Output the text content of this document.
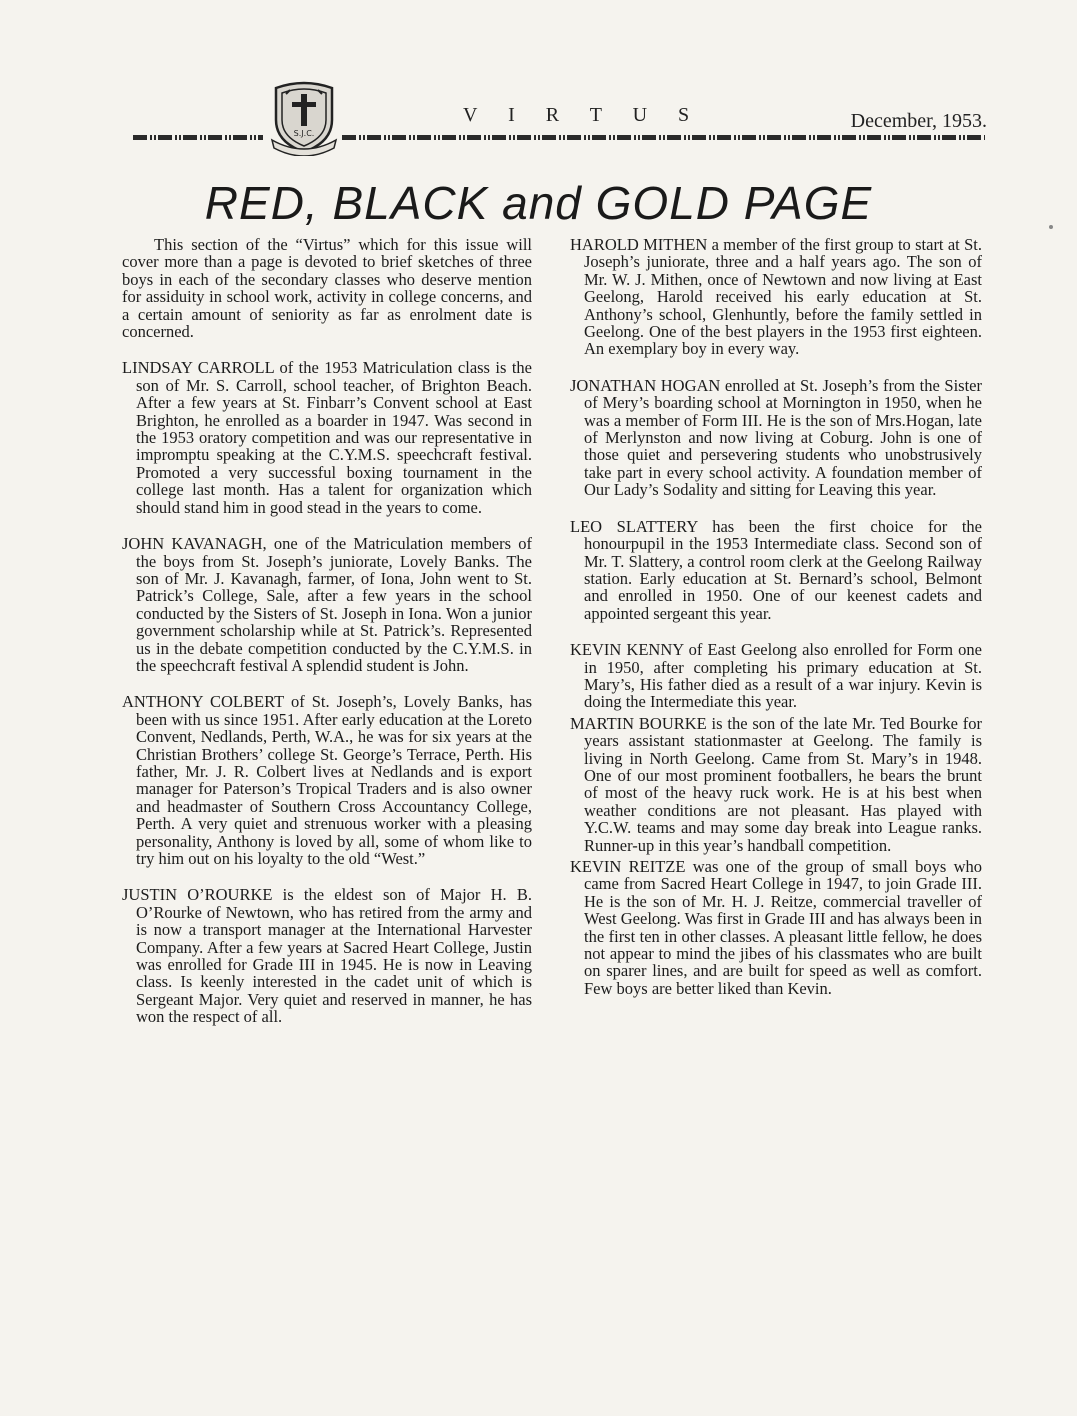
S.J.C.
V I R T U S	December, 1953.
RED, BLACK and GOLD PAGE

This section of the “Virtus” which for this issue will cover more than a page is devoted to brief sketches of three boys in each of the secondary classes who deserve mention for assiduity in school work, activity in college concerns, and a certain amount of seniority as far as enrolment date is concerned.

LINDSAY CARROLL of the 1953 Matriculation class is the son of Mr. S. Carroll, school teacher, of Brighton Beach. After a few years at St. Finbarr’s Convent school at East Brighton, he enrolled as a boarder in 1947. Was second in the 1953 oratory competition and was our representative in impromptu speaking at the C.Y.M.S. speechcraft festival. Promoted a very successful boxing tournament in the college last month. Has a talent for organization which should stand him in good stead in the years to come.

JOHN KAVANAGH, one of the Matriculation members of the boys from St. Joseph’s juniorate, Lovely Banks. The son of Mr. J. Kavanagh, farmer, of Iona, John went to St. Patrick’s College, Sale, after a few years in the school conducted by the Sisters of St. Joseph in Iona. Won a junior government scholarship while at St. Patrick’s. Represented us in the debate competition conducted by the C.Y.M.S. in the speechcraft festival A splendid student is John.

ANTHONY COLBERT of St. Joseph’s, Lovely Banks, has been with us since 1951. After early education at the Loreto Convent, Nedlands, Perth, W.A., he was for six years at the Christian Brothers’ college St. George’s Terrace, Perth. His father, Mr. J. R. Colbert lives at Nedlands and is export manager for Paterson’s Tropical Traders and is also owner and headmaster of Southern Cross Accountancy College, Perth. A very quiet and strenuous worker with a pleasing personality, Anthony is loved by all, some of whom like to try him out on his loyalty to the old “West.”

JUSTIN O’ROURKE is the eldest son of Major H. B. O’Rourke of Newtown, who has retired from the army and is now a transport manager at the International Harvester Company. After a few years at Sacred Heart College, Justin was enrolled for Grade III in 1945. He is now in Leaving class. Is keenly interested in the cadet unit of which is Sergeant Major. Very quiet and reserved in manner, he has won the respect of all.

HAROLD MITHEN a member of the first group to start at St. Joseph’s juniorate, three and a half years ago. The son of Mr. W. J. Mithen, once of Newtown and now living at East Geelong, Harold received his early education at St. Anthony’s school, Glenhuntly, before the family settled in Geelong. One of the best players in the 1953 first eighteen. An exemplary boy in every way.

JONATHAN HOGAN enrolled at St. Joseph’s from the Sister of Mery’s boarding school at Mornington in 1950, when he was a member of Form III. He is the son of Mrs.Hogan, late of Merlynston and now living at Coburg. John is one of those quiet and persevering students who unobstrusively take part in every school activity. A foundation member of Our Lady’s Sodality and sitting for Leaving this year.

LEO SLATTERY has been the first choice for the honourpupil in the 1953 Intermediate class. Second son of Mr. T. Slattery, a control room clerk at the Geelong Railway station. Early education at St. Bernard’s school, Belmont and enrolled in 1950. One of our keenest cadets and appointed sergeant this year.

KEVIN KENNY of East Geelong also enrolled for Form one in 1950, after completing his primary education at St. Mary’s, His father died as a result of a war injury. Kevin is doing the Intermediate this year.

MARTIN BOURKE is the son of the late Mr. Ted Bourke for years assistant stationmaster at Geelong. The family is living in North Geelong. Came from St. Mary’s in 1948. One of our most prominent footballers, he bears the brunt of most of the heavy ruck work. He is at his best when weather conditions are not pleasant. Has played with Y.C.W. teams and may some day break into League ranks. Runner-up in this year’s handball competition.

KEVIN REITZE was one of the group of small boys who came from Sacred Heart College in 1947, to join Grade III. He is the son of Mr. H. J. Reitze, commercial traveller of West Geelong. Was first in Grade III and has always been in the first ten in other classes. A pleasant little fellow, he does not appear to mind the jibes of his classmates who are built on sparer lines, and are built for speed as well as comfort. Few boys are better liked than Kevin.
